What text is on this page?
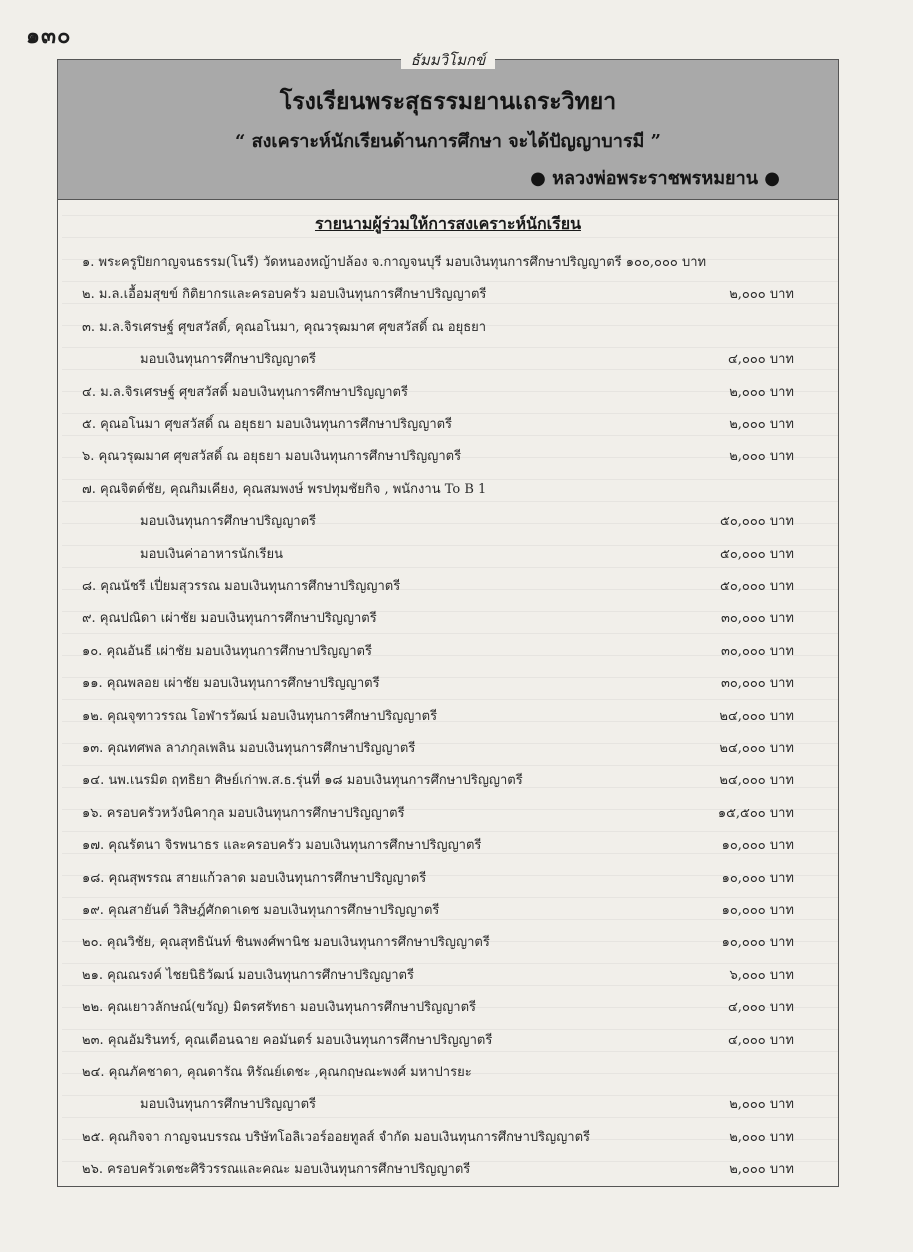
๑๓๐
ธัมมวิโมกข์
โรงเรียนพระสุธรรมยานเถระวิทยา
“ สงเคราะห์นักเรียนด้านการศึกษา จะได้ปัญญาบารมี ”
● หลวงพ่อพระราชพรหมยาน ●
รายนามผู้ร่วมให้การสงเคราะห์นักเรียน
๑. พระครูปิยกาญจนธรรม(โนรี) วัดหนองหญ้าปล้อง จ.กาญจนบุรี มอบเงินทุนการศึกษาปริญญาตรี ๑๐๐,๐๐๐ บาท
๒. ม.ล.เอื้อมสุขข์ กิติยากรและครอบครัว มอบเงินทุนการศึกษาปริญญาตรี	๒,๐๐๐ บาท
๓. ม.ล.จิรเศรษฐ์ ศุขสวัสดิ์, คุณอโนมา, คุณวรุฒมาศ ศุขสวัสดิ์ ณ อยุธยา
มอบเงินทุนการศึกษาปริญญาตรี	๔,๐๐๐ บาท
๔. ม.ล.จิรเศรษฐ์ ศุขสวัสดิ์ มอบเงินทุนการศึกษาปริญญาตรี	๒,๐๐๐ บาท
๕. คุณอโนมา ศุขสวัสดิ์ ณ อยุธยา มอบเงินทุนการศึกษาปริญญาตรี	๒,๐๐๐ บาท
๖. คุณวรุฒมาศ ศุขสวัสดิ์ ณ อยุธยา มอบเงินทุนการศึกษาปริญญาตรี	๒,๐๐๐ บาท
๗. คุณจิตต์ชัย, คุณกิมเคียง, คุณสมพงษ์ พรปทุมชัยกิจ , พนักงาน To B 1
มอบเงินทุนการศึกษาปริญญาตรี	๕๐,๐๐๐ บาท
มอบเงินค่าอาหารนักเรียน	๕๐,๐๐๐ บาท
๘. คุณนัชรี เปี่ยมสุวรรณ มอบเงินทุนการศึกษาปริญญาตรี	๕๐,๐๐๐ บาท
๙. คุณปณิดา เผ่าชัย มอบเงินทุนการศึกษาปริญญาตรี	๓๐,๐๐๐ บาท
๑๐. คุณอันธี เผ่าชัย มอบเงินทุนการศึกษาปริญญาตรี	๓๐,๐๐๐ บาท
๑๑. คุณพลอย เผ่าชัย มอบเงินทุนการศึกษาปริญญาตรี	๓๐,๐๐๐ บาท
๑๒. คุณจุฑาวรรณ โอฬารวัฒน์ มอบเงินทุนการศึกษาปริญญาตรี	๒๔,๐๐๐ บาท
๑๓. คุณทศพล ลาภกุลเพลิน มอบเงินทุนการศึกษาปริญญาตรี	๒๔,๐๐๐ บาท
๑๔. นพ.เนรมิต ฤทธิยา ศิษย์เก่าพ.ส.ธ.รุ่นที่ ๑๘ มอบเงินทุนการศึกษาปริญญาตรี	๒๔,๐๐๐ บาท
๑๖. ครอบครัวหวังนิคากุล มอบเงินทุนการศึกษาปริญญาตรี	๑๕,๕๐๐ บาท
๑๗. คุณรัตนา จิรพนาธร และครอบครัว มอบเงินทุนการศึกษาปริญญาตรี	๑๐,๐๐๐ บาท
๑๘. คุณสุพรรณ สายแก้วลาด มอบเงินทุนการศึกษาปริญญาตรี	๑๐,๐๐๐ บาท
๑๙. คุณสายันต์ วิสิษฎ์ศักดาเดช มอบเงินทุนการศึกษาปริญญาตรี	๑๐,๐๐๐ บาท
๒๐. คุณวิชัย, คุณสุทธินันท์ ชินพงศ์พานิช มอบเงินทุนการศึกษาปริญญาตรี	๑๐,๐๐๐ บาท
๒๑. คุณณรงค์ ไชยนิธิวัฒน์ มอบเงินทุนการศึกษาปริญญาตรี	๖,๐๐๐ บาท
๒๒. คุณเยาวลักษณ์(ขวัญ) มิตรศรัทธา มอบเงินทุนการศึกษาปริญญาตรี	๔,๐๐๐ บาท
๒๓. คุณอัมรินทร์, คุณเดือนฉาย คอมันตร์ มอบเงินทุนการศึกษาปริญญาตรี	๔,๐๐๐ บาท
๒๔. คุณภัคชาดา, คุณดารัณ หิรัณย์เดชะ ,คุณกฤษณะพงศ์ มหาปารยะ
มอบเงินทุนการศึกษาปริญญาตรี	๒,๐๐๐ บาท
๒๕. คุณกิจจา กาญจนบรรณ บริษัทโอลิเวอร์ออยทูลส์ จำกัด มอบเงินทุนการศึกษาปริญญาตรี	๒,๐๐๐ บาท
๒๖. ครอบครัวเตชะศิริวรรณและคณะ มอบเงินทุนการศึกษาปริญญาตรี	๒,๐๐๐ บาท
